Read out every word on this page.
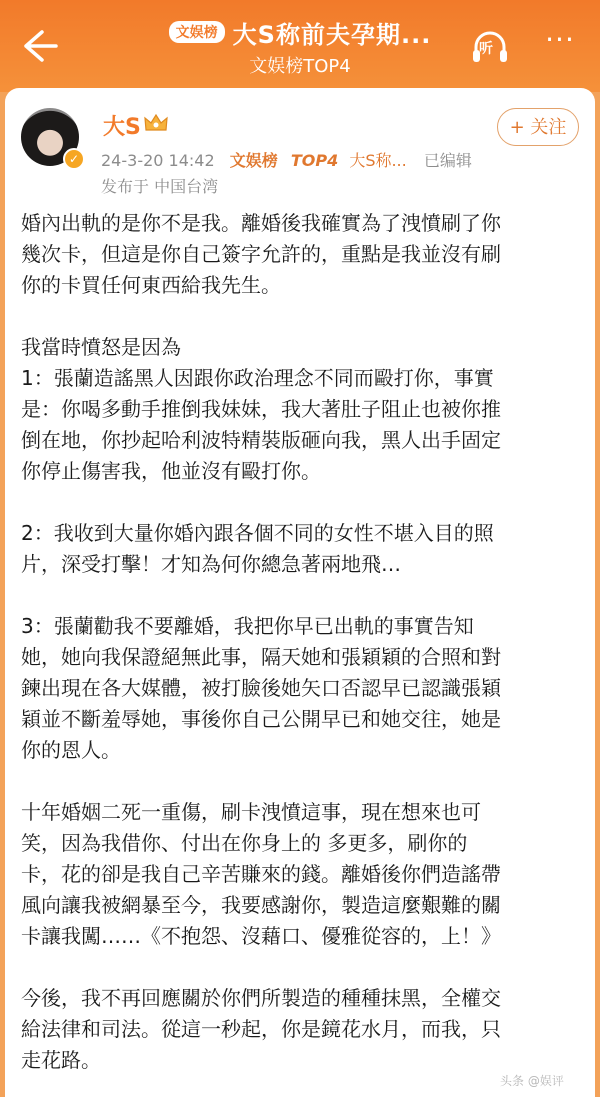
文娱榜 大S称前夫孕期...
文娱榜TOP4
听 ···
✓
大S	+ 关注
24-3-20 14:42 文娱榜 TOP4 大S称... 已编辑
发布于 中国台湾

婚內出軌的是你不是我。離婚後我確實為了洩憤刷了你

幾次卡，但這是你自己簽字允許的，重點是我並沒有刷

你的卡買任何東西給我先生。

我當時憤怒是因為

1：張蘭造謠黑人因跟你政治理念不同而毆打你，事實

是：你喝多動手推倒我妹妹，我大著肚子阻止也被你推

倒在地，你抄起哈利波特精裝版砸向我，黑人出手固定

你停止傷害我，他並沒有毆打你。

2：我收到大量你婚內跟各個不同的女性不堪入目的照

片，深受打擊！才知為何你總急著兩地飛…

3：張蘭勸我不要離婚，我把你早已出軌的事實告知

她，她向我保證絕無此事，隔天她和張穎穎的合照和對

鍊出現在各大媒體，被打臉後她矢口否認早已認識張穎

穎並不斷羞辱她，事後你自己公開早已和她交往，她是

你的恩人。

十年婚姻二死一重傷，刷卡洩憤這事，現在想來也可

笑，因為我借你、付出在你身上的 多更多，刷你的

卡，花的卻是我自己辛苦賺來的錢。離婚後你們造謠帶

風向讓我被網暴至今，我要感謝你，製造這麼艱難的關

卡讓我闖……《不抱怨、沒藉口、優雅從容的，上！》

今後，我不再回應關於你們所製造的種種抹黑，全權交

給法律和司法。從這一秒起，你是鏡花水月，而我，只

走花路。

头条 @娱评
